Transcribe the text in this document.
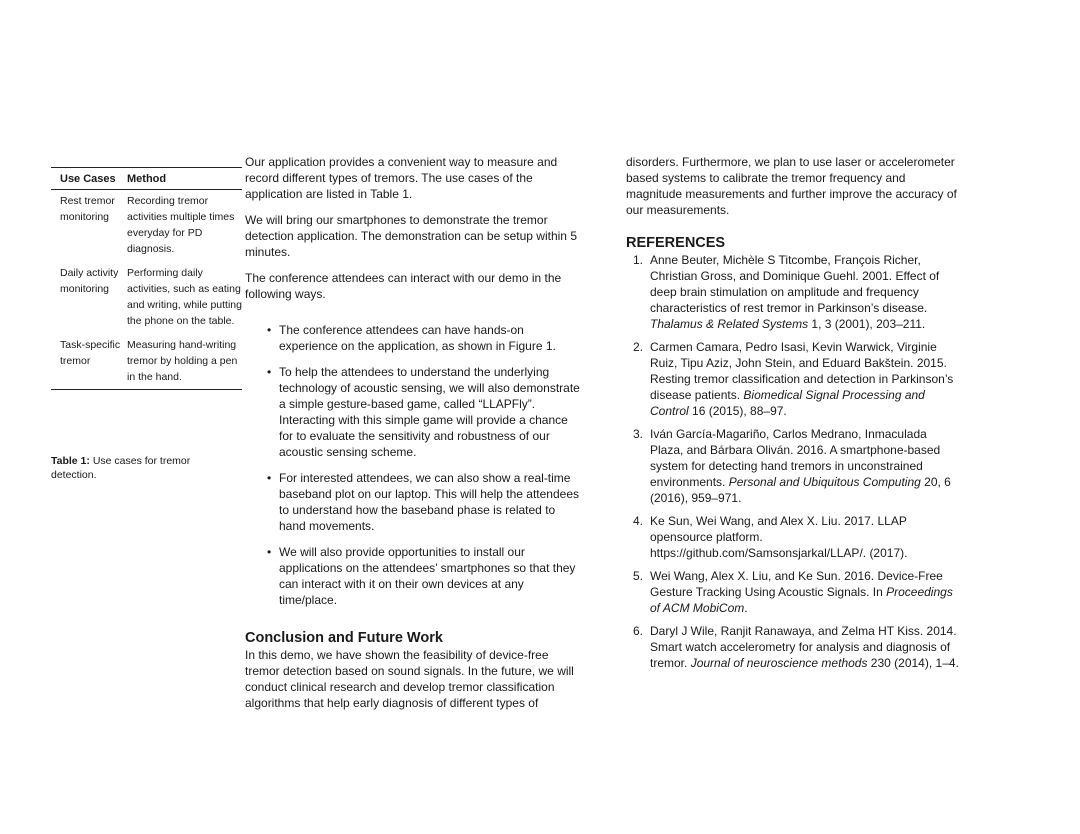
Use Cases	Method
Rest tremor monitoring
Recording tremor activities multiple times everyday for PD diagnosis.
Daily activity monitoring
Performing daily activities, such as eating and writing, while putting the phone on the table.
Task-specific tremor
Measuring hand-writing tremor by holding a pen in the hand.
Table 1: Use cases for tremor detection.

Our application provides a convenient way to measure and record different types of tremors. The use cases of the application are listed in Table 1.

We will bring our smartphones to demonstrate the tremor detection application. The demonstration can be setup within 5 minutes.

The conference attendees can interact with our demo in the following ways.

• The conference attendees can have hands-on experience on the application, as shown in Figure 1.
• To help the attendees to understand the underlying technology of acoustic sensing, we will also demonstrate a simple gesture-based game, called “LLAPFly”. Interacting with this simple game will provide a chance for to evaluate the sensitivity and robustness of our acoustic sensing scheme.
• For interested attendees, we can also show a real-time baseband plot on our laptop. This will help the attendees to understand how the baseband phase is related to hand movements.
• We will also provide opportunities to install our applications on the attendees’ smartphones so that they can interact with it on their own devices at any time/place.
Conclusion and Future Work

In this demo, we have shown the feasibility of device-free tremor detection based on sound signals. In the future, we will conduct clinical research and develop tremor classification algorithms that help early diagnosis of different types of

disorders. Furthermore, we plan to use laser or accelerometer based systems to calibrate the tremor frequency and magnitude measurements and further improve the accuracy of our measurements.

REFERENCES
1. Anne Beuter, Michèle S Titcombe, François Richer, Christian Gross, and Dominique Guehl. 2001. Effect of deep brain stimulation on amplitude and frequency characteristics of rest tremor in Parkinson’s disease. Thalamus & Related Systems 1, 3 (2001), 203–211.
2. Carmen Camara, Pedro Isasi, Kevin Warwick, Virginie Ruiz, Tipu Aziz, John Stein, and Eduard Bakštein. 2015. Resting tremor classification and detection in Parkinson’s disease patients. Biomedical Signal Processing and Control 16 (2015), 88–97.
3. Iván García-Magariño, Carlos Medrano, Inmaculada Plaza, and Bárbara Oliván. 2016. A smartphone-based system for detecting hand tremors in unconstrained environments. Personal and Ubiquitous Computing 20, 6 (2016), 959–971.
4. Ke Sun, Wei Wang, and Alex X. Liu. 2017. LLAP opensource platform. https://github.com/Samsonsjarkal/LLAP/. (2017).
5. Wei Wang, Alex X. Liu, and Ke Sun. 2016. Device-Free Gesture Tracking Using Acoustic Signals. In Proceedings of ACM MobiCom.
6. Daryl J Wile, Ranjit Ranawaya, and Zelma HT Kiss. 2014. Smart watch accelerometry for analysis and diagnosis of tremor. Journal of neuroscience methods 230 (2014), 1–4.
